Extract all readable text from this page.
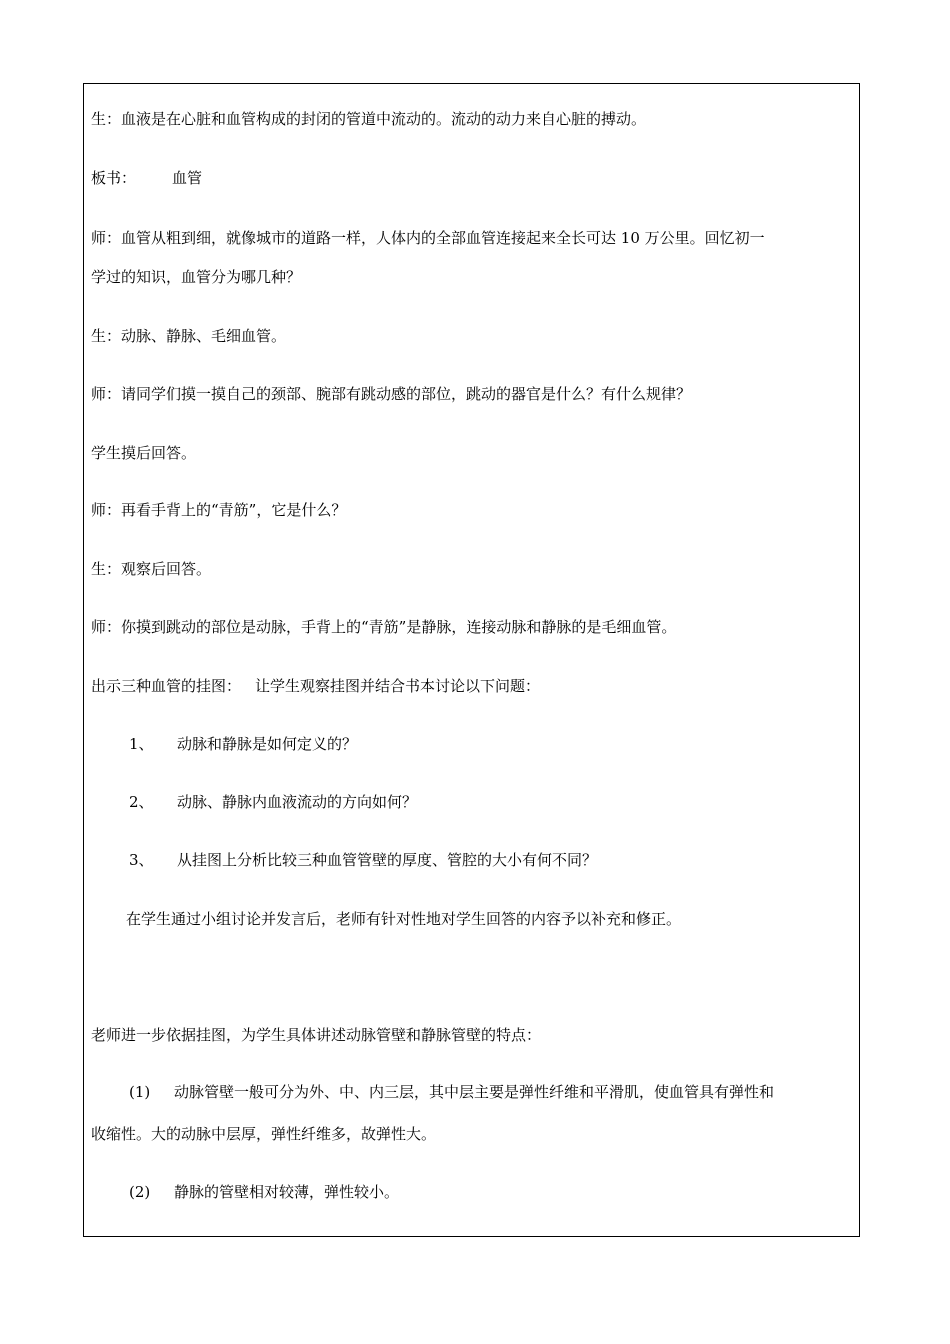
生：血液是在心脏和血管构成的封闭的管道中流动的。流动的动力来自心脏的搏动。
板书： 血管
师：血管从粗到细，就像城市的道路一样，人体内的全部血管连接起来全长可达 10 万公里。回忆初一
学过的知识，血管分为哪几种？
生：动脉、静脉、毛细血管。
师：请同学们摸一摸自己的颈部、腕部有跳动感的部位，跳动的器官是什么？有什么规律？
学生摸后回答。
师：再看手背上的“青筋”，它是什么？
生：观察后回答。
师：你摸到跳动的部位是动脉，手背上的“青筋”是静脉，连接动脉和静脉的是毛细血管。
出示三种血管的挂图： 让学生观察挂图并结合书本讨论以下问题：
1、 动脉和静脉是如何定义的？
2、 动脉、静脉内血液流动的方向如何？
3、 从挂图上分析比较三种血管管壁的厚度、管腔的大小有何不同？
在学生通过小组讨论并发言后，老师有针对性地对学生回答的内容予以补充和修正。
老师进一步依据挂图，为学生具体讲述动脉管壁和静脉管壁的特点：
(1) 动脉管壁一般可分为外、中、内三层，其中层主要是弹性纤维和平滑肌，使血管具有弹性和
收缩性。大的动脉中层厚，弹性纤维多，故弹性大。
(2) 静脉的管壁相对较薄，弹性较小。
